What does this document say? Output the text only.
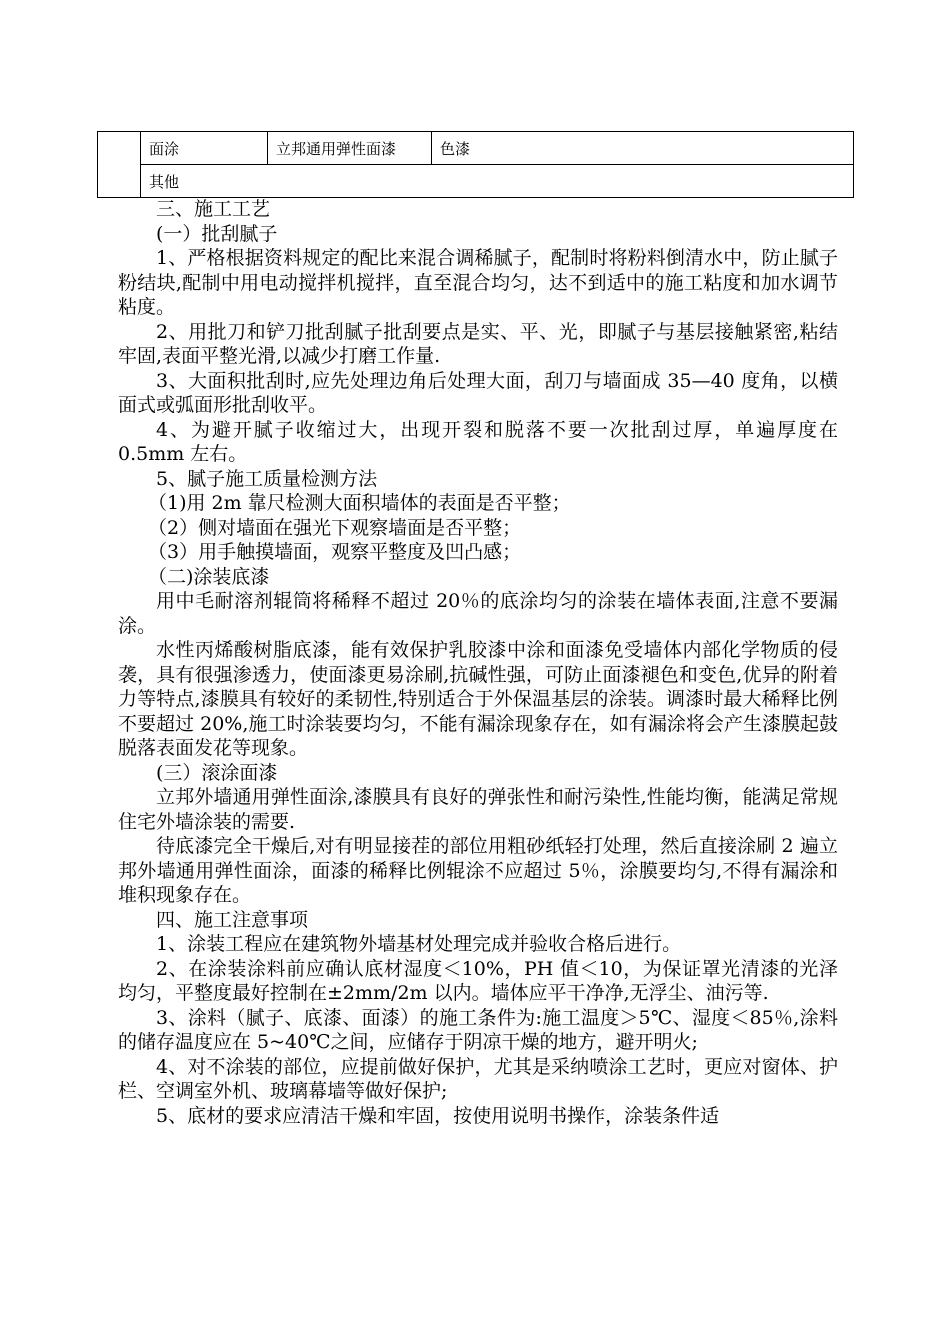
	面涂	立邦通用弹性面漆	色漆
其他

三、施工工艺

(一）批刮腻子

1、严格根据资料规定的配比来混合调稀腻子，配制时将粉料倒清水中，防止腻子粉结块,配制中用电动搅拌机搅拌，直至混合均匀，达不到适中的施工粘度和加水调节粘度。

2、用批刀和铲刀批刮腻子批刮要点是实、平、光，即腻子与基层接触紧密,粘结牢固,表面平整光滑,以减少打磨工作量.

3、大面积批刮时,应先处理边角后处理大面，刮刀与墙面成 35—40 度角，以横面式或弧面形批刮收平。

4、为避开腻子收缩过大，出现开裂和脱落不要一次批刮过厚，单遍厚度在 0.5mm 左右。

5、腻子施工质量检测方法

（1)用 2m 靠尺检测大面积墙体的表面是否平整；

（2）侧对墙面在强光下观察墙面是否平整；

（3）用手触摸墙面，观察平整度及凹凸感；

（二)涂装底漆

用中毛耐溶剂辊筒将稀释不超过 20％的底涂均匀的涂装在墙体表面,注意不要漏涂。

水性丙烯酸树脂底漆，能有效保护乳胶漆中涂和面漆免受墙体内部化学物质的侵袭，具有很强渗透力，使面漆更易涂刷,抗碱性强，可防止面漆褪色和变色,优异的附着力等特点,漆膜具有较好的柔韧性,特别适合于外保温基层的涂装。调漆时最大稀释比例不要超过 20%,施工时涂装要均匀，不能有漏涂现象存在，如有漏涂将会产生漆膜起鼓脱落表面发花等现象。

(三）滚涂面漆

立邦外墙通用弹性面涂,漆膜具有良好的弹张性和耐污染性,性能均衡，能满足常规住宅外墙涂装的需要.

待底漆完全干燥后,对有明显接茬的部位用粗砂纸轻打处理，然后直接涂刷 2 遍立邦外墙通用弹性面涂，面漆的稀释比例辊涂不应超过 5％，涂膜要均匀,不得有漏涂和堆积现象存在。

四、施工注意事项

1、涂装工程应在建筑物外墙基材处理完成并验收合格后进行。

2、在涂装涂料前应确认底材湿度＜10%，PH 值＜10，为保证罩光清漆的光泽均匀，平整度最好控制在±2mm/2m 以内。墙体应平干净净,无浮尘、油污等.

3、涂料（腻子、底漆、面漆）的施工条件为:施工温度＞5℃、湿度＜85％,涂料的储存温度应在 5~40℃之间，应储存于阴凉干燥的地方，避开明火;

4、对不涂装的部位，应提前做好保护，尤其是采纳喷涂工艺时，更应对窗体、护栏、空调室外机、玻璃幕墙等做好保护;

5、底材的要求应清洁干燥和牢固，按使用说明书操作，涂装条件适
